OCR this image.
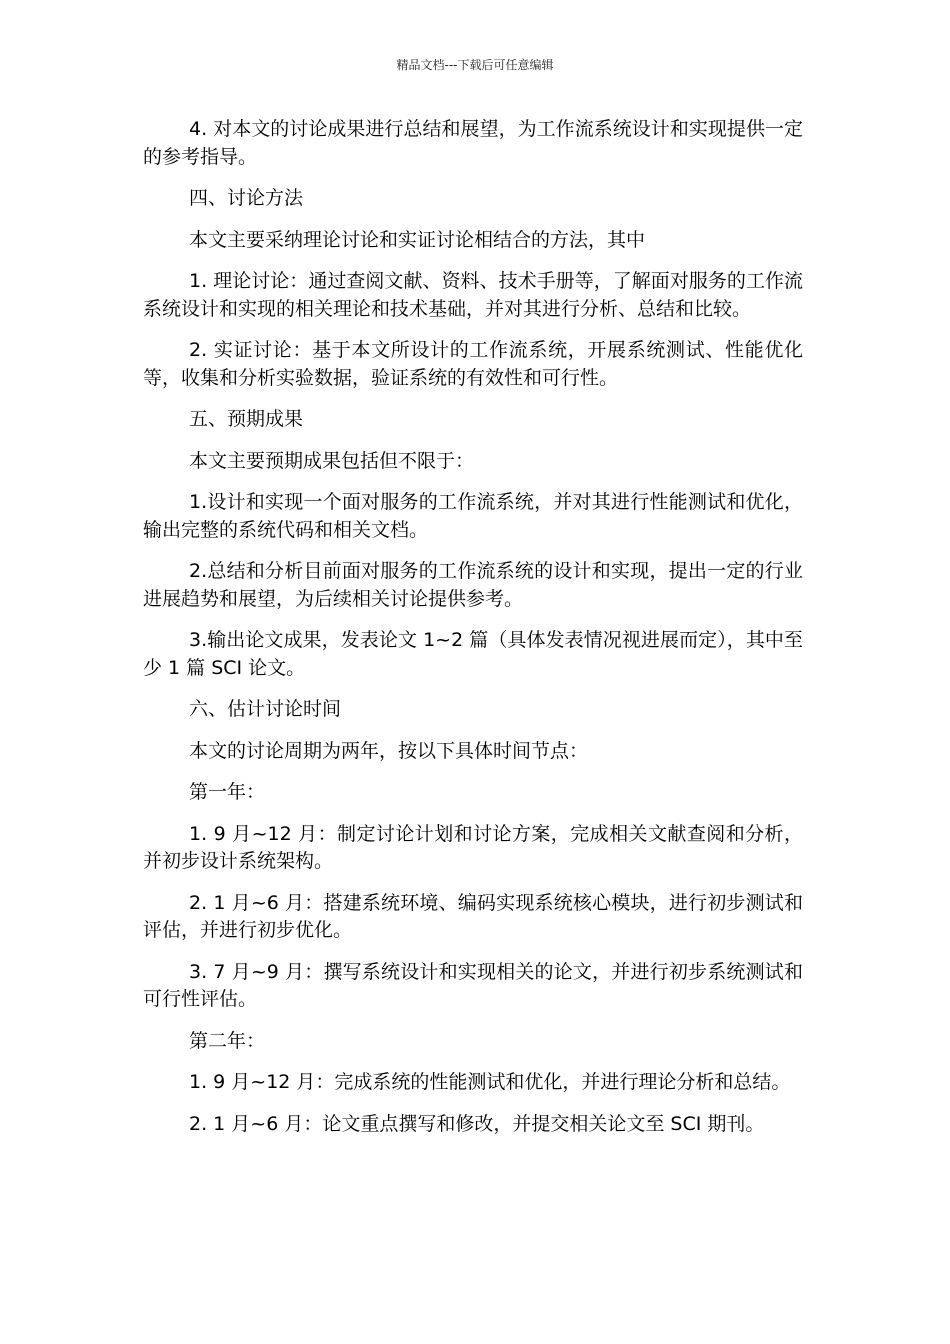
精品文档---下载后可任意编辑

4. 对本文的讨论成果进行总结和展望，为工作流系统设计和实现提供一定的参考指导。

四、讨论方法

本文主要采纳理论讨论和实证讨论相结合的方法，其中

1. 理论讨论：通过查阅文献、资料、技术手册等，了解面对服务的工作流系统设计和实现的相关理论和技术基础，并对其进行分析、总结和比较。

2. 实证讨论：基于本文所设计的工作流系统，开展系统测试、性能优化等，收集和分析实验数据，验证系统的有效性和可行性。

五、预期成果

本文主要预期成果包括但不限于：

1.设计和实现一个面对服务的工作流系统，并对其进行性能测试和优化，输出完整的系统代码和相关文档。

2.总结和分析目前面对服务的工作流系统的设计和实现，提出一定的行业进展趋势和展望，为后续相关讨论提供参考。

3.输出论文成果，发表论文 1~2 篇（具体发表情况视进展而定），其中至少 1 篇 SCI 论文。

六、估计讨论时间

本文的讨论周期为两年，按以下具体时间节点：

第一年：

1. 9 月~12 月：制定讨论计划和讨论方案，完成相关文献查阅和分析，并初步设计系统架构。

2. 1 月~6 月：搭建系统环境、编码实现系统核心模块，进行初步测试和评估，并进行初步优化。

3. 7 月~9 月：撰写系统设计和实现相关的论文，并进行初步系统测试和可行性评估。

第二年：

1. 9 月~12 月：完成系统的性能测试和优化，并进行理论分析和总结。

2. 1 月~6 月：论文重点撰写和修改，并提交相关论文至 SCI 期刊。
